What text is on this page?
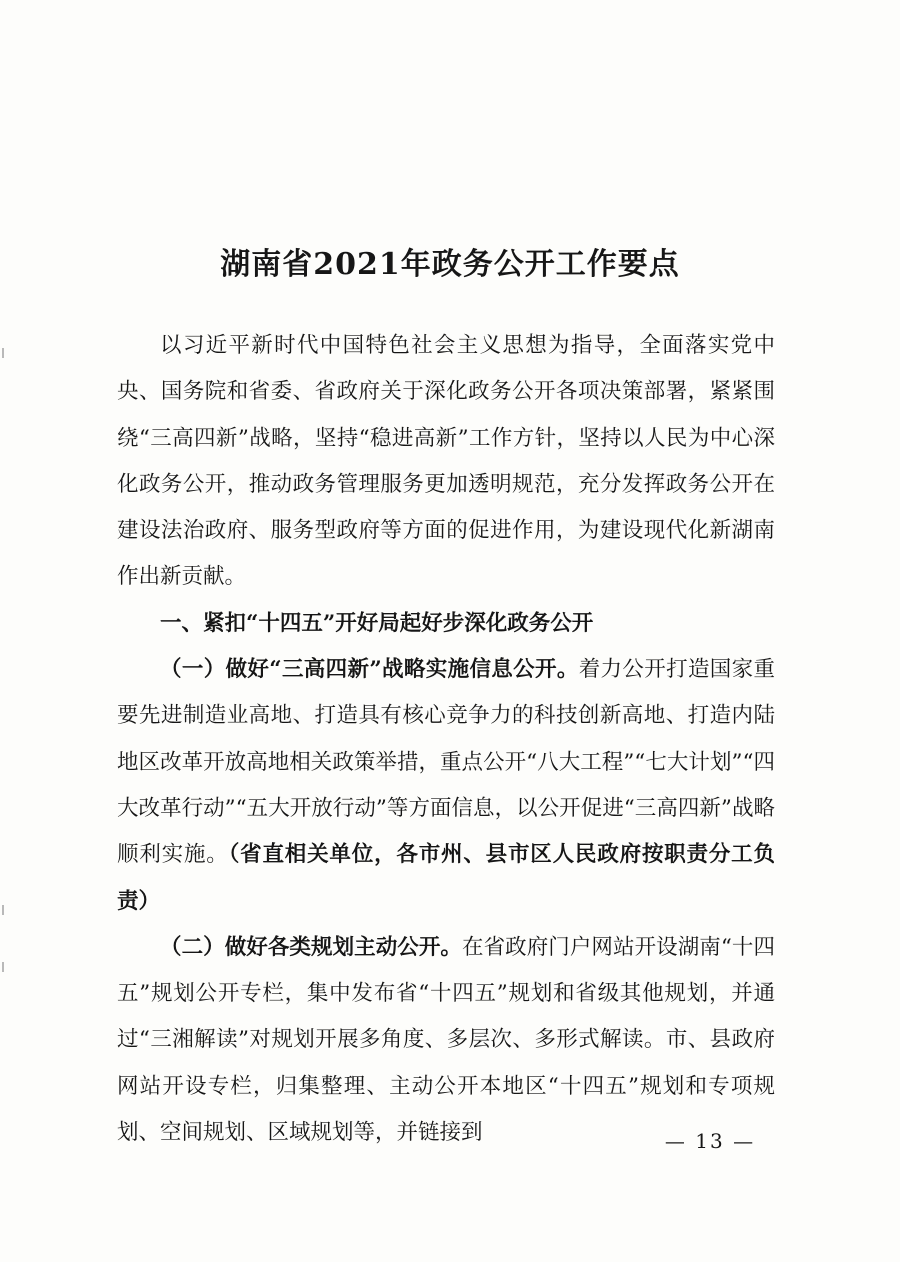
湖南省2021年政务公开工作要点

以习近平新时代中国特色社会主义思想为指导，全面落实党中央、国务院和省委、省政府关于深化政务公开各项决策部署，紧紧围绕“三高四新”战略，坚持“稳进高新”工作方针，坚持以人民为中心深化政务公开，推动政务管理服务更加透明规范，充分发挥政务公开在建设法治政府、服务型政府等方面的促进作用，为建设现代化新湖南作出新贡献。

一、紧扣“十四五”开好局起好步深化政务公开

（一）做好“三高四新”战略实施信息公开。着力公开打造国家重要先进制造业高地、打造具有核心竞争力的科技创新高地、打造内陆地区改革开放高地相关政策举措，重点公开“八大工程”“七大计划”“四大改革行动”“五大开放行动”等方面信息，以公开促进“三高四新”战略顺利实施。（省直相关单位，各市州、县市区人民政府按职责分工负责）

（二）做好各类规划主动公开。在省政府门户网站开设湖南“十四五”规划公开专栏，集中发布省“十四五”规划和省级其他规划，并通过“三湘解读”对规划开展多角度、多层次、多形式解读。市、县政府网站开设专栏，归集整理、主动公开本地区“十四五”规划和专项规划、空间规划、区域规划等，并链接到	— 13 —
